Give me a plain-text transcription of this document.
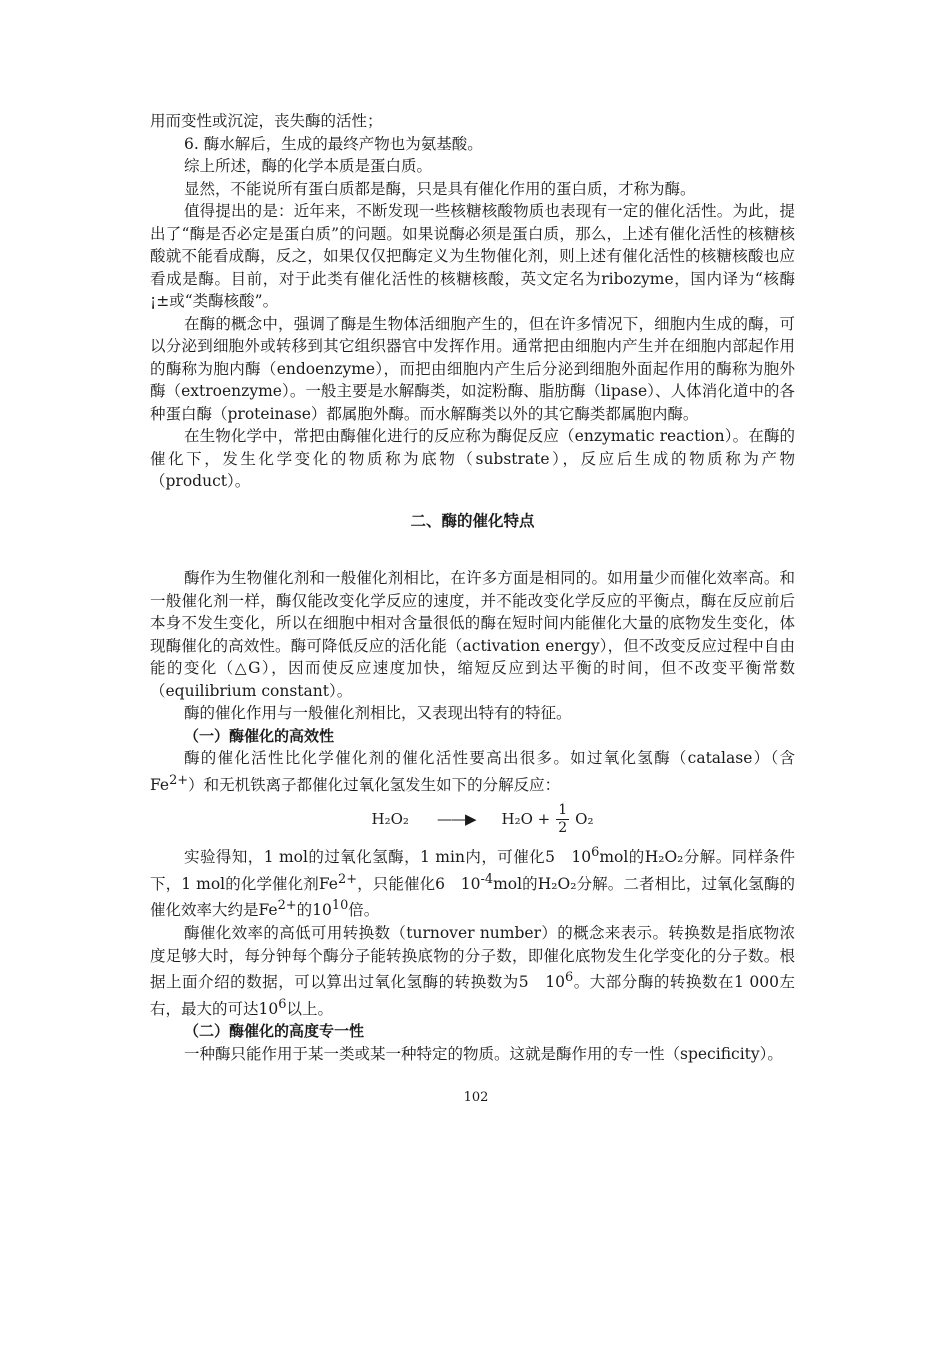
用而变性或沉淀，丧失酶的活性；

6. 酶水解后，生成的最终产物也为氨基酸。

综上所述，酶的化学本质是蛋白质。

显然，不能说所有蛋白质都是酶，只是具有催化作用的蛋白质，才称为酶。

值得提出的是：近年来，不断发现一些核糖核酸物质也表现有一定的催化活性。为此，提出了“酶是否必定是蛋白质”的问题。如果说酶必须是蛋白质，那么，上述有催化活性的核糖核酸就不能看成酶，反之，如果仅仅把酶定义为生物催化剂，则上述有催化活性的核糖核酸也应看成是酶。目前，对于此类有催化活性的核糖核酸，英文定名为ribozyme，国内译为“核酶¡±或“类酶核酸”。

在酶的概念中，强调了酶是生物体活细胞产生的，但在许多情况下，细胞内生成的酶，可以分泌到细胞外或转移到其它组织器官中发挥作用。通常把由细胞内产生并在细胞内部起作用的酶称为胞内酶（endoenzyme），而把由细胞内产生后分泌到细胞外面起作用的酶称为胞外酶（extroenzyme）。一般主要是水解酶类，如淀粉酶、脂肪酶（lipase）、人体消化道中的各种蛋白酶（proteinase）都属胞外酶。而水解酶类以外的其它酶类都属胞内酶。

在生物化学中，常把由酶催化进行的反应称为酶促反应（enzymatic reaction）。在酶的催化下，发生化学变化的物质称为底物（substrate），反应后生成的物质称为产物（product）。

二、酶的催化特点

酶作为生物催化剂和一般催化剂相比，在许多方面是相同的。如用量少而催化效率高。和一般催化剂一样，酶仅能改变化学反应的速度，并不能改变化学反应的平衡点，酶在反应前后本身不发生变化，所以在细胞中相对含量很低的酶在短时间内能催化大量的底物发生变化，体现酶催化的高效性。酶可降低反应的活化能（activation energy），但不改变反应过程中自由能的变化（△G），因而使反应速度加快，缩短反应到达平衡的时间，但不改变平衡常数（equilibrium constant）。

酶的催化作用与一般催化剂相比，又表现出特有的特征。

（一）酶催化的高效性

酶的催化活性比化学催化剂的催化活性要高出很多。如过氧化氢酶（catalase）（含$Fe^{2+}$）和无机铁离子都催化过氧化氢发生如下的分解反应：

H₂O₂ ——▶ $H_2O + \frac{1}{2} O_2$

实验得知，1 mol的过氧化氢酶，1 min内，可催化5　$10^6mol$的H₂O₂分解。同样条件下，1 mol的化学催化剂$Fe^{2+}$，只能催化6　$10^{-4}mol$的H₂O₂分解。二者相比，过氧化氢酶的催化效率大约是$Fe^{2+}$的$10^{10}$倍。

酶催化效率的高低可用转换数（turnover number）的概念来表示。转换数是指底物浓度足够大时，每分钟每个酶分子能转换底物的分子数，即催化底物发生化学变化的分子数。根据上面介绍的数据，可以算出过氧化氢酶的转换数为5　$10^6$。大部分酶的转换数在1 000左右，最大的可达$10^6$以上。

（二）酶催化的高度专一性

一种酶只能作用于某一类或某一种特定的物质。这就是酶作用的专一性（specificity）。

102
